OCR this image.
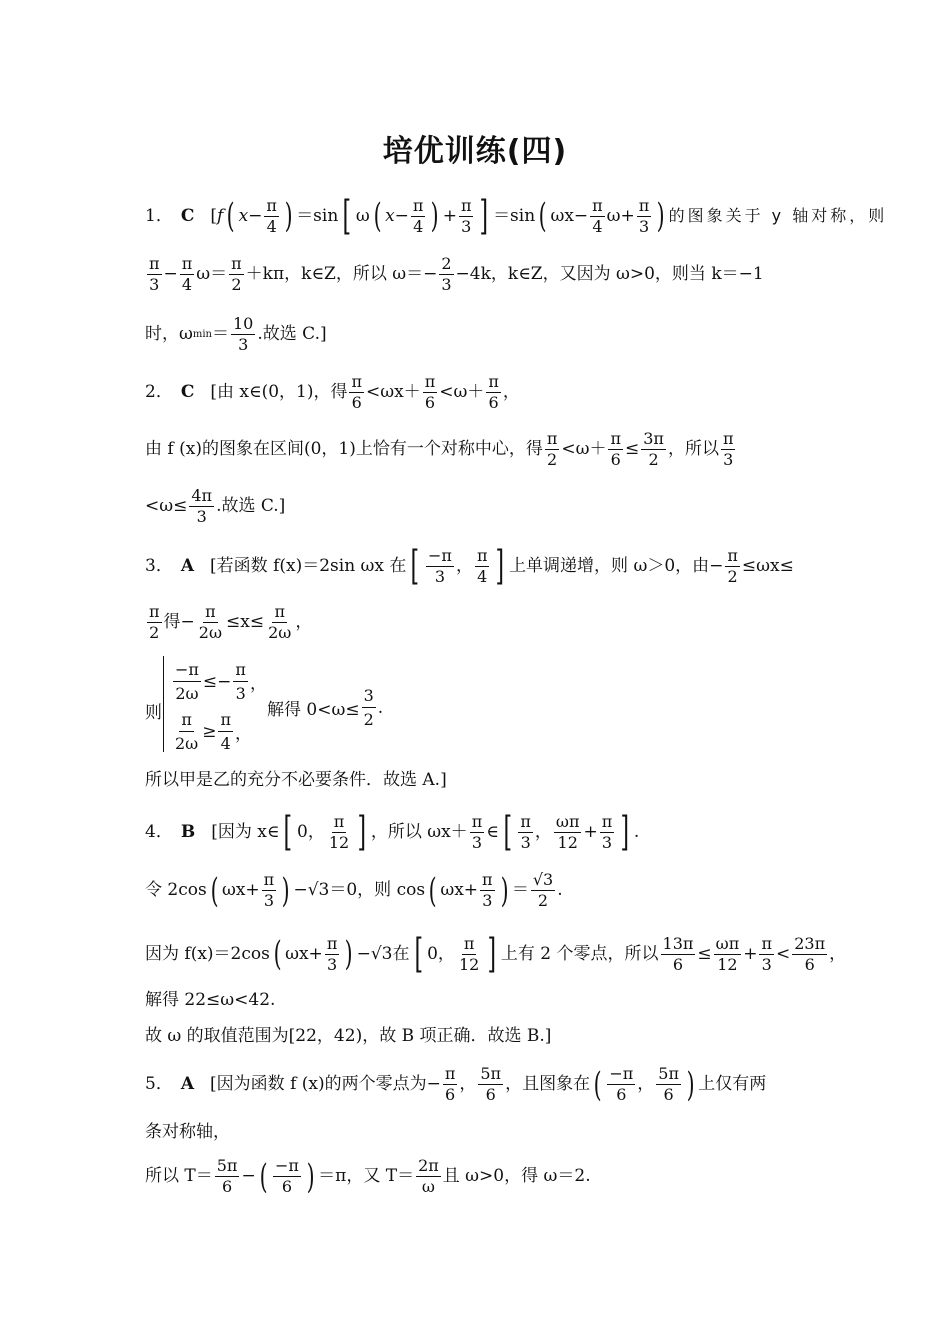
培优训练(四)
1． C [ f ( $x- \frac{\pi}{4}$ ) ＝sin [ ω ( $x- \frac{\pi}{4}$ ) + $\frac{\pi}{3}$ ] ＝sin ( $\omega x- \frac{\pi}{4} \omega+ \frac{\pi}{3}$ ) 的图象关于 y 轴对称，则
$\frac{\pi}{3} - \frac{\pi}{4} \omega= \frac{\pi}{2} +k\pi$，k∈Z，所以 $\omega=- \frac{2}{3} -4k$，k∈Z，又因为 ω>0，则当 k＝−1
时，ω $\min = \frac{10}{3}$ .故选 C.]
2． C [由 x∈(0，1)，得 $\frac{\pi}{6} <\omega x+ \frac{\pi}{6} <\omega+ \frac{\pi}{6}$ ，
由 f (x)的图象在区间(0，1)上恰有一个对称中心，得 $\frac{\pi}{2} <\omega+ \frac{\pi}{6} \le \frac{3\pi}{2}$ ，所以 $\frac{\pi}{3}$
$<\omega\le \frac{4\pi}{3}$ .故选 C.]
3． A [若函数 f(x)＝2sin ωx 在 [ $\frac{-\pi}{3}$ ， $\frac{\pi}{4}$ ] 上单调递增，则 ω＞0，由− $\frac{\pi}{2} \le\omega x\le$
$\frac{\pi}{2}$ 得− $\frac{\pi}{2\omega} \le x\le \frac{\pi}{2\omega}$ ，
则
$\frac{-\pi}{2\omega} \le- \frac{\pi}{3}$ ，
$\frac{\pi}{2\omega} \ge \frac{\pi}{4}$ ，
解得 $0<\omega\le \frac{3}{2}$ .
所以甲是乙的充分不必要条件．故选 A.]
4． B [因为 x∈ [ 0， $\frac{\pi}{12}$ ] ，所以 $\omega x+ \frac{\pi}{3}$ ∈ [ $\frac{\pi}{3}$ ， $\frac{\omega\pi}{12} + \frac{\pi}{3}$ ] .
令 2cos ( $\omega x+ \frac{\pi}{3}$ ) − √3 ＝0，则 cos ( $\omega x+ \frac{\pi}{3}$ ) ＝ $\frac{√3}{2}$ .
因为 f(x)＝2cos ( $\omega x+ \frac{\pi}{3}$ ) −√3在 [ 0， $\frac{\pi}{12}$ ] 上有 2 个零点，所以 $\frac{13\pi}{6} \le \frac{\omega\pi}{12} + \frac{\pi}{3} < \frac{23\pi}{6}$ ，
解得 22≤ω<42.
故 ω 的取值范围为[22，42)，故 B 项正确．故选 B.]
5． A [因为函数 f (x)的两个零点为− $\frac{\pi}{6}$ ， $\frac{5\pi}{6}$ ，且图象在 ( $\frac{-\pi}{6}$ ， $\frac{5\pi}{6}$ ) 上仅有两
条对称轴，
所以 $T= \frac{5\pi}{6}$ − ( $\frac{-\pi}{6}$ ) ＝π，又 $T= \frac{2\pi}{\omega}$ 且 ω>0，得 ω＝2.
